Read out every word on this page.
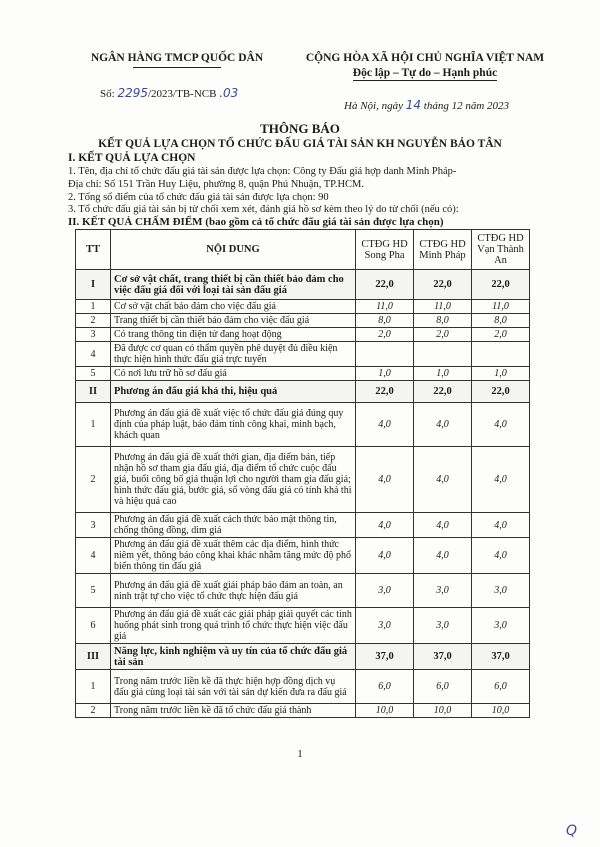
NGÂN HÀNG TMCP QUỐC DÂN	CỘNG HÒA XÃ HỘI CHỦ NGHĨA VIỆT NAM
Độc lập – Tự do – Hạnh phúc
Số: 2295/2023/TB-NCB .03
Hà Nội, ngày 14 tháng 12 năm 2023
THÔNG BÁO
KẾT QUẢ LỰA CHỌN TỔ CHỨC ĐẤU GIÁ TÀI SẢN KH NGUYỄN BẢO TÂN
I. KẾT QUẢ LỰA CHỌN
1. Tên, địa chỉ tổ chức đấu giá tài sản được lựa chọn: Công ty Đấu giá hợp danh Minh Pháp-
Địa chỉ: Số 151 Trần Huy Liệu, phường 8, quận Phú Nhuận, TP.HCM.
2. Tổng số điểm của tổ chức đấu giá tài sản được lựa chọn: 90
3. Tổ chức đấu giá tài sản bị từ chối xem xét, đánh giá hồ sơ kèm theo lý do từ chối (nếu có):
II. KẾT QUẢ CHẤM ĐIỂM (bao gồm cả tổ chức đấu giá tài sản được lựa chọn)
TT	NỘI DUNG	CTĐG HD Song Pha	CTĐG HD Minh Pháp	CTĐG HD Vạn Thành An
I	Cơ sở vật chất, trang thiết bị cần thiết bảo đảm cho việc đấu giá đối với loại tài sản đấu giá	22,0	22,0	22,0
1	Cơ sở vật chất bảo đảm cho việc đấu giá	11,0	11,0	11,0
2	Trang thiết bị cần thiết bảo đảm cho việc đấu giá	8,0	8,0	8,0
3	Có trang thông tin điện tử đang hoạt động	2,0	2,0	2,0
4	Đã được cơ quan có thẩm quyền phê duyệt đủ điều kiện thực hiện hình thức đấu giá trực tuyến			
5	Có nơi lưu trữ hồ sơ đấu giá	1,0	1,0	1,0
II	Phương án đấu giá khả thi, hiệu quả	22,0	22,0	22,0
1	Phương án đấu giá đề xuất việc tổ chức đấu giá đúng quy định của pháp luật, bảo đảm tính công khai, minh bạch, khách quan	4,0	4,0	4,0
2	Phương án đấu giá đề xuất thời gian, địa điểm bán, tiếp nhận hồ sơ tham gia đấu giá, địa điểm tổ chức cuộc đấu giá, buổi công bố giá thuận lợi cho người tham gia đấu giá; hình thức đấu giá, bước giá, số vòng đấu giá có tính khả thi và hiệu quả cao	4,0	4,0	4,0
3	Phương án đấu giá đề xuất cách thức bảo mật thông tin, chống thông đồng, dìm giá	4,0	4,0	4,0
4	Phương án đấu giá đề xuất thêm các địa điểm, hình thức niêm yết, thông báo công khai khác nhằm tăng mức độ phổ biến thông tin đấu giá	4,0	4,0	4,0
5	Phương án đấu giá đề xuất giải pháp bảo đảm an toàn, an ninh trật tự cho việc tổ chức thực hiện đấu giá	3,0	3,0	3,0
6	Phương án đấu giá đề xuất các giải pháp giải quyết các tình huống phát sinh trong quá trình tổ chức thực hiện việc đấu giá	3,0	3,0	3,0
III	Năng lực, kinh nghiệm và uy tín của tổ chức đấu giá tài sản	37,0	37,0	37,0
1	Trong năm trước liền kề đã thực hiện hợp đồng dịch vụ đấu giá cùng loại tài sản với tài sản dự kiến đưa ra đấu giá	6,0	6,0	6,0
2	Trong năm trước liền kề đã tổ chức đấu giá thành	10,0	10,0	10,0
1
Q
